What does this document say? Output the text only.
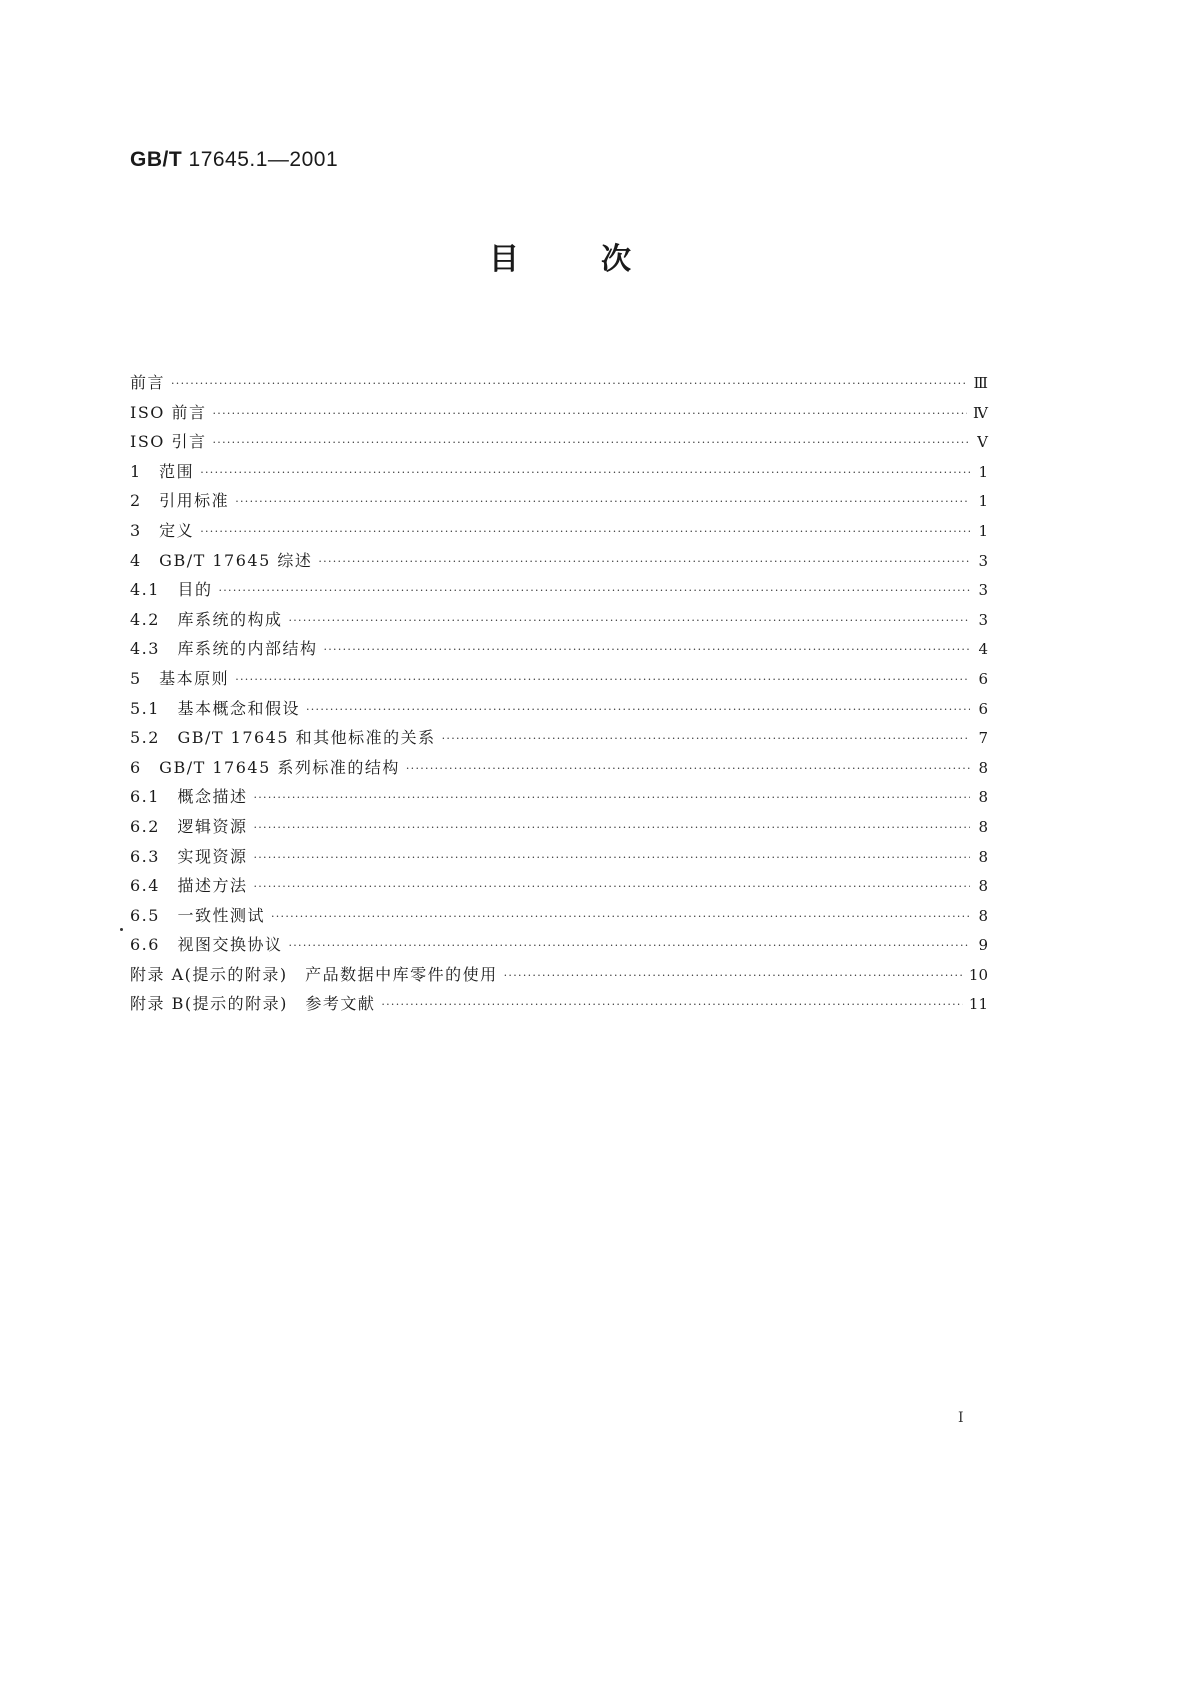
GB/T 17645.1—2001
目次
前言 ·····	Ⅲ
ISO 前言 ·····	Ⅳ
ISO 引言 ·····	Ⅴ
1　范围 ·····	1
2　引用标准 ·····	1
3　定义 ·····	1
4　GB/T 17645 综述 ·····	3
4.1　目的 ·····	3
4.2　库系统的构成 ·····	3
4.3　库系统的内部结构 ·····	4
5　基本原则 ·····	6
5.1　基本概念和假设 ·····	6
5.2　GB/T 17645 和其他标准的关系 ·····	7
6　GB/T 17645 系列标准的结构 ·····	8
6.1　概念描述 ·····	8
6.2　逻辑资源 ·····	8
6.3　实现资源 ·····	8
6.4　描述方法 ·····	8
6.5　一致性测试 ·····	8
6.6　视图交换协议 ·····	9
附录 A(提示的附录)　产品数据中库零件的使用 ·····	10
附录 B(提示的附录)　参考文献 ·····	11
I
